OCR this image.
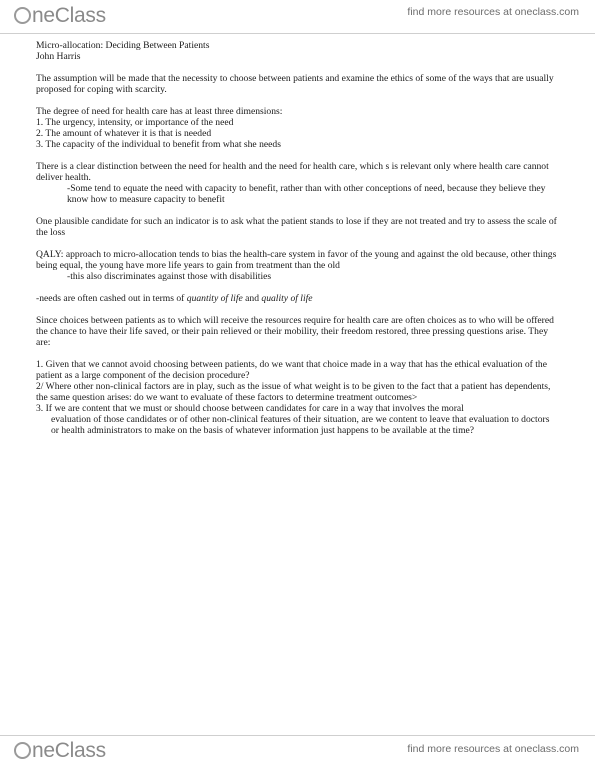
neClass	find more resources at oneclass.com

Micro-allocation: Deciding Between Patients

John Harris

The assumption will be made that the necessity to choose between patients and examine the ethics of some of the ways that are usually proposed for coping with scarcity.

The degree of need for health care has at least three dimensions:

1. The urgency, intensity, or importance of the need

2. The amount of whatever it is that is needed

3. The capacity of the individual to benefit from what she needs

There is a clear distinction between the need for health and the need for health care, which s is relevant only where health care cannot deliver health.

-Some tend to equate the need with capacity to benefit, rather than with other conceptions of need, because they believe they know how to measure capacity to benefit

One plausible candidate for such an indicator is to ask what the patient stands to lose if they are not treated and try to assess the scale of the loss

QALY: approach to micro-allocation tends to bias the health-care system in favor of the young and against the old because, other things being equal, the young have more life years to gain from treatment than the old

-this also discriminates against those with disabilities

-needs are often cashed out in terms of quantity of life and quality of life

Since choices between patients as to which will receive the resources require for health care are often choices as to who will be offered the chance to have their life saved, or their pain relieved or their mobility, their freedom restored, three pressing questions arise. They are:

1. Given that we cannot avoid choosing between patients, do we want that choice made in a way that has the ethical evaluation of the patient as a large component of the decision procedure?

2/ Where other non-clinical factors are in play, such as the issue of what weight is to be given to the fact that a patient has dependents, the same question arises: do we want to evaluate of these factors to determine treatment outcomes>

3. If we are content that we must or should choose between candidates for care in a way that involves the moral

evaluation of those candidates or of other non-clinical features of their situation, are we content to leave that evaluation to doctors or health administrators to make on the basis of whatever information just happens to be available at the time?

neClass	find more resources at oneclass.com
